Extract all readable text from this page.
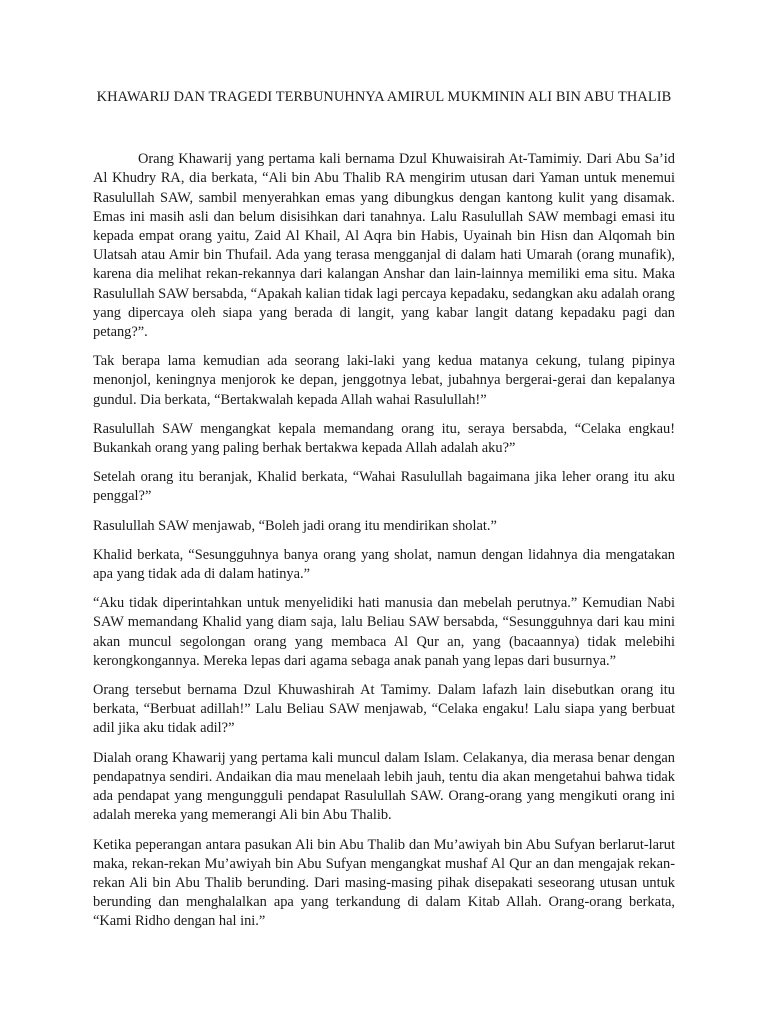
KHAWARIJ DAN TRAGEDI TERBUNUHNYA AMIRUL MUKMININ ALI BIN ABU THALIB

Orang Khawarij yang pertama kali bernama Dzul Khuwaisirah At-Tamimiy. Dari Abu Sa’id Al Khudry RA, dia berkata, “Ali bin Abu Thalib RA mengirim utusan dari Yaman untuk menemui Rasulullah SAW, sambil menyerahkan emas yang dibungkus dengan kantong kulit yang disamak. Emas ini masih asli dan belum disisihkan dari tanahnya. Lalu Rasulullah SAW membagi emasi itu kepada empat orang yaitu, Zaid Al Khail, Al Aqra bin Habis, Uyainah bin Hisn dan Alqomah bin Ulatsah atau Amir bin Thufail. Ada yang terasa mengganjal di dalam hati Umarah (orang munafik), karena dia melihat rekan-rekannya dari kalangan Anshar dan lain-lainnya memiliki ema situ. Maka Rasulullah SAW bersabda, “Apakah kalian tidak lagi percaya kepadaku, sedangkan aku adalah orang yang dipercaya oleh siapa yang berada di langit, yang kabar langit datang kepadaku pagi dan petang?”.

Tak berapa lama kemudian ada seorang laki-laki yang kedua matanya cekung, tulang pipinya menonjol, keningnya menjorok ke depan, jenggotnya lebat, jubahnya bergerai-gerai dan kepalanya gundul. Dia berkata, “Bertakwalah kepada Allah wahai Rasulullah!”

Rasulullah SAW mengangkat kepala memandang orang itu, seraya bersabda, “Celaka engkau! Bukankah orang yang paling berhak bertakwa kepada Allah adalah aku?”

Setelah orang itu beranjak, Khalid berkata, “Wahai Rasulullah bagaimana jika leher orang itu aku penggal?”

Rasulullah SAW menjawab, “Boleh jadi orang itu mendirikan sholat.”

Khalid berkata, “Sesungguhnya banya orang yang sholat, namun dengan lidahnya dia mengatakan apa yang tidak ada di dalam hatinya.”

“Aku tidak diperintahkan untuk menyelidiki hati manusia dan mebelah perutnya.” Kemudian Nabi SAW memandang Khalid yang diam saja, lalu Beliau SAW bersabda, “Sesungguhnya dari kau mini akan muncul segolongan orang yang membaca Al Qur an, yang (bacaannya) tidak melebihi kerongkongannya. Mereka lepas dari agama sebaga anak panah yang lepas dari busurnya.”

Orang tersebut bernama Dzul Khuwashirah At Tamimy. Dalam lafazh lain disebutkan orang itu berkata, “Berbuat adillah!” Lalu Beliau SAW menjawab, “Celaka engaku! Lalu siapa yang berbuat adil jika aku tidak adil?”

Dialah orang Khawarij yang pertama kali muncul dalam Islam. Celakanya, dia merasa benar dengan pendapatnya sendiri. Andaikan dia mau menelaah lebih jauh, tentu dia akan mengetahui bahwa tidak ada pendapat yang mengungguli pendapat Rasulullah SAW. Orang-orang yang mengikuti orang ini adalah mereka yang memerangi Ali bin Abu Thalib.

Ketika peperangan antara pasukan Ali bin Abu Thalib dan Mu’awiyah bin Abu Sufyan berlarut-larut maka, rekan-rekan Mu’awiyah bin Abu Sufyan mengangkat mushaf Al Qur an dan mengajak rekan-rekan Ali bin Abu Thalib berunding. Dari masing-masing pihak disepakati seseorang utusan untuk berunding dan menghalalkan apa yang terkandung di dalam Kitab Allah. Orang-orang berkata, “Kami Ridho dengan hal ini.”
